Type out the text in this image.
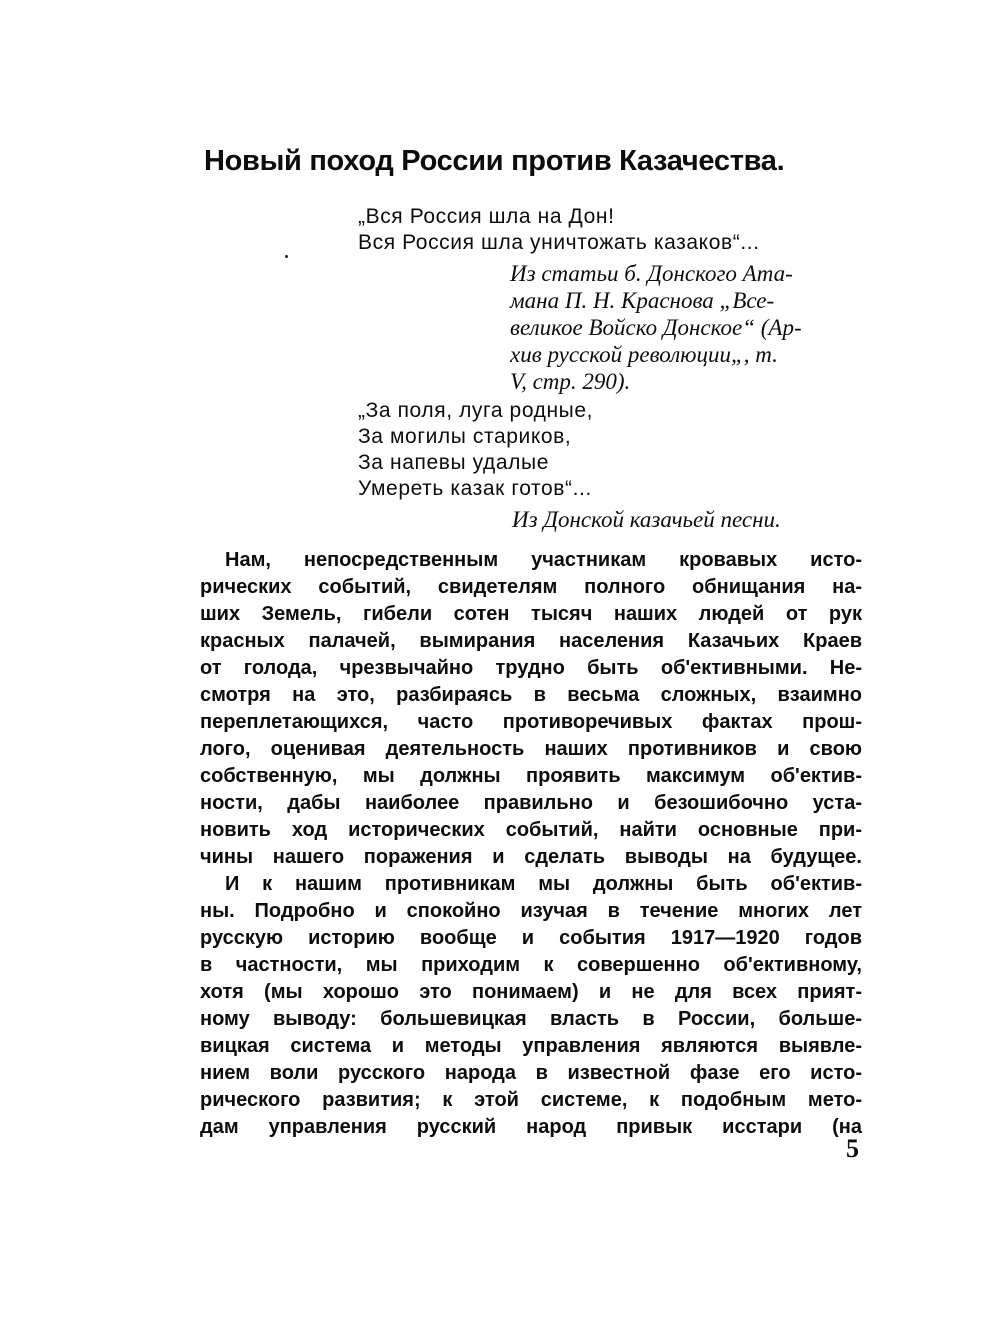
Новый поход России против Казачества.
„Вся Россия шла на Дон!
Вся Россия шла уничтожать казаков“...
Из статьи б. Донского Ата-
мана П. Н. Краснова „Все-
великое Войско Донское“ (Ар-
хив русской революции„, т.
V, стр. 290).
„За поля, луга родные,
За могилы стариков,
За напевы удалые
Умереть казак готов“...

Из Донской казачьей песни.

Нам, непосредственным участникам кровавых исто-
рических событий, свидетелям полного обнищания на-
ших Земель, гибели сотен тысяч наших людей от рук
красных палачей, вымирания населения Казачьих Краев
от голода, чрезвычайно трудно быть об'ективными. Не-
смотря на это, разбираясь в весьма сложных, взаимно
переплетающихся, часто противоречивых фактах прош-
лого, оценивая деятельность наших противников и свою
собственную, мы должны проявить максимум об'ектив-
ности, дабы наиболее правильно и безошибочно уста-
новить ход исторических событий, найти основные при-
чины нашего поражения и сделать выводы на будущее.
И к нашим противникам мы должны быть об'ектив-
ны. Подробно и спокойно изучая в течение многих лет
русскую историю вообще и события 1917—1920 годов
в частности, мы приходим к совершенно об'ективному,
хотя (мы хорошо это понимаем) и не для всех прият-
ному выводу: большевицкая власть в России, больше-
вицкая система и методы управления являются выявле-
нием воли русского народа в известной фазе его исто-
рического развития; к этой системе, к подобным мето-
дам управления русский народ привык исстари (на

5
